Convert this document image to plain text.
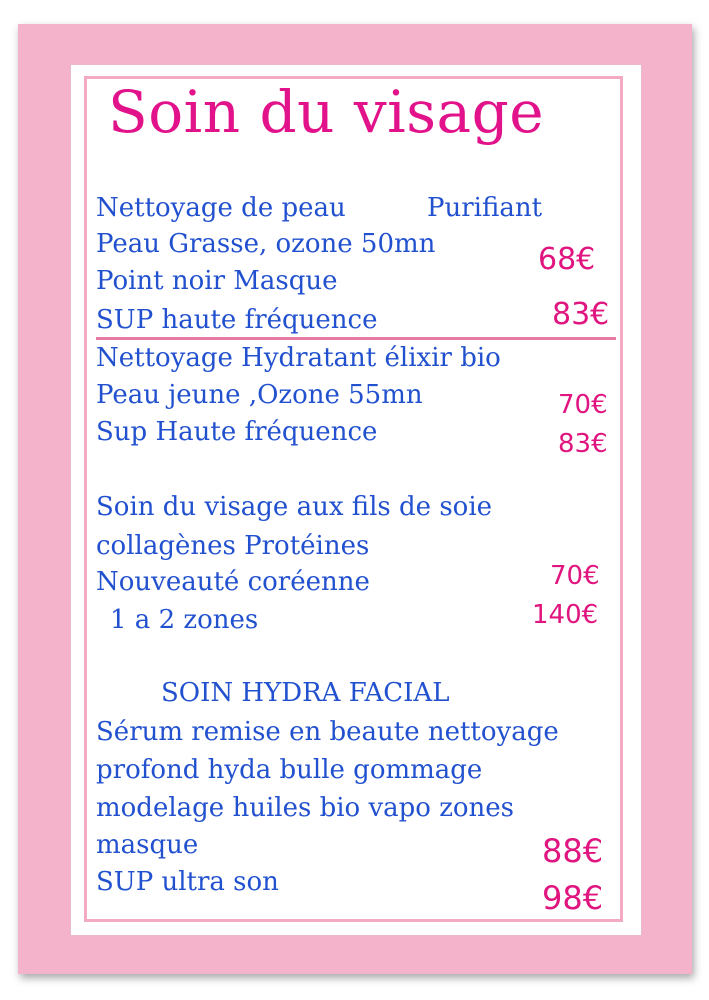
Soin du visage
Nettoyage de peau	Purifiant
Peau Grasse, ozone 50mn
Point noir Masque
SUP haute fréquence
68€
83€
Nettoyage Hydratant élixir bio
Peau jeune ,Ozone 55mn
Sup Haute fréquence
70€
83€
Soin du visage aux fils de soie
collagènes Protéines
Nouveauté coréenne
1 a 2 zones
70€
140€
SOIN HYDRA FACIAL
Sérum remise en beaute nettoyage
profond hyda bulle gommage
modelage huiles bio vapo zones
masque
SUP ultra son
88€
98€
